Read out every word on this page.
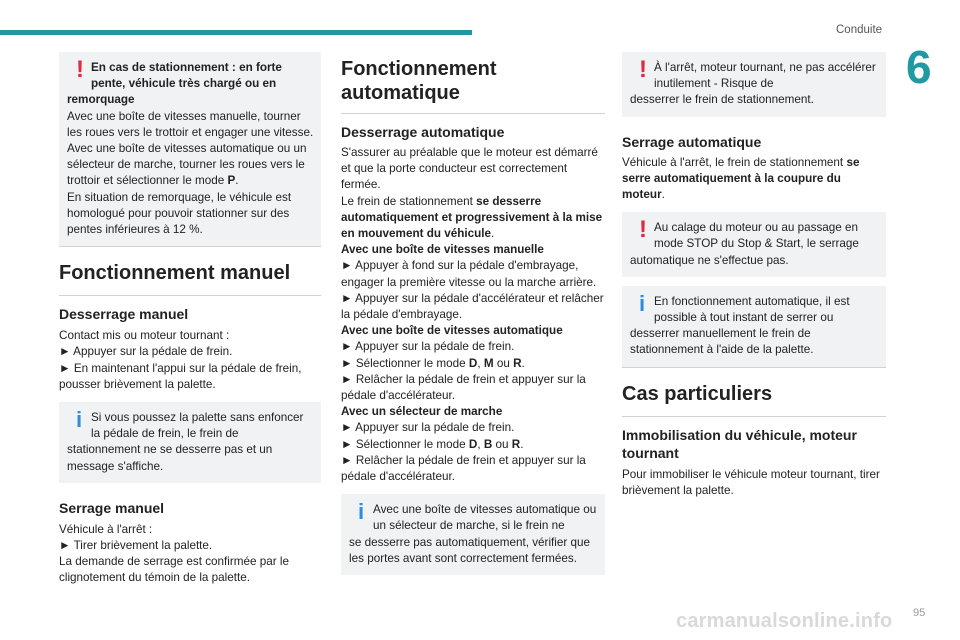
Conduite
6
! En cas de stationnement : en forte pente, véhicule très chargé ou en

remorquage

Avec une boîte de vitesses manuelle, tourner les roues vers le trottoir et engager une vitesse.

Avec une boîte de vitesses automatique ou un sélecteur de marche, tourner les roues vers le trottoir et sélectionner le mode P.

En situation de remorquage, le véhicule est homologué pour pouvoir stationner sur des pentes inférieures à 12 %.

Fonctionnement manuel
Desserrage manuel

Contact mis ou moteur tournant :

► Appuyer sur la pédale de frein.

► En maintenant l'appui sur la pédale de frein, pousser brièvement la palette.

i Si vous poussez la palette sans enfoncer la pédale de frein, le frein de

stationnement ne se desserre pas et un message s'affiche.

Serrage manuel

Véhicule à l'arrêt :

► Tirer brièvement la palette.

La demande de serrage est confirmée par le clignotement du témoin de la palette.

Fonctionnement automatique
Desserrage automatique

S'assurer au préalable que le moteur est démarré et que la porte conducteur est correctement fermée.

Le frein de stationnement se desserre automatiquement et progressivement à la mise en mouvement du véhicule.

Avec une boîte de vitesses manuelle

► Appuyer à fond sur la pédale d'embrayage, engager la première vitesse ou la marche arrière.

► Appuyer sur la pédale d'accélérateur et relâcher la pédale d'embrayage.

Avec une boîte de vitesses automatique

► Appuyer sur la pédale de frein.

► Sélectionner le mode D, M ou R.

► Relâcher la pédale de frein et appuyer sur la pédale d'accélérateur.

Avec un sélecteur de marche

► Appuyer sur la pédale de frein.

► Sélectionner le mode D, B ou R.

► Relâcher la pédale de frein et appuyer sur la pédale d'accélérateur.

i Avec une boîte de vitesses automatique ou un sélecteur de marche, si le frein ne

se desserre pas automatiquement, vérifier que les portes avant sont correctement fermées.

! À l'arrêt, moteur tournant, ne pas accélérer inutilement - Risque de

desserrer le frein de stationnement.

Serrage automatique

Véhicule à l'arrêt, le frein de stationnement se serre automatiquement à la coupure du moteur.

! Au calage du moteur ou au passage en mode STOP du Stop & Start, le serrage

automatique ne s'effectue pas.

i En fonctionnement automatique, il est possible à tout instant de serrer ou

desserrer manuellement le frein de stationnement à l'aide de la palette.

Cas particuliers
Immobilisation du véhicule, moteur tournant

Pour immobiliser le véhicule moteur tournant, tirer brièvement la palette.

carmanualsonline.info 95
